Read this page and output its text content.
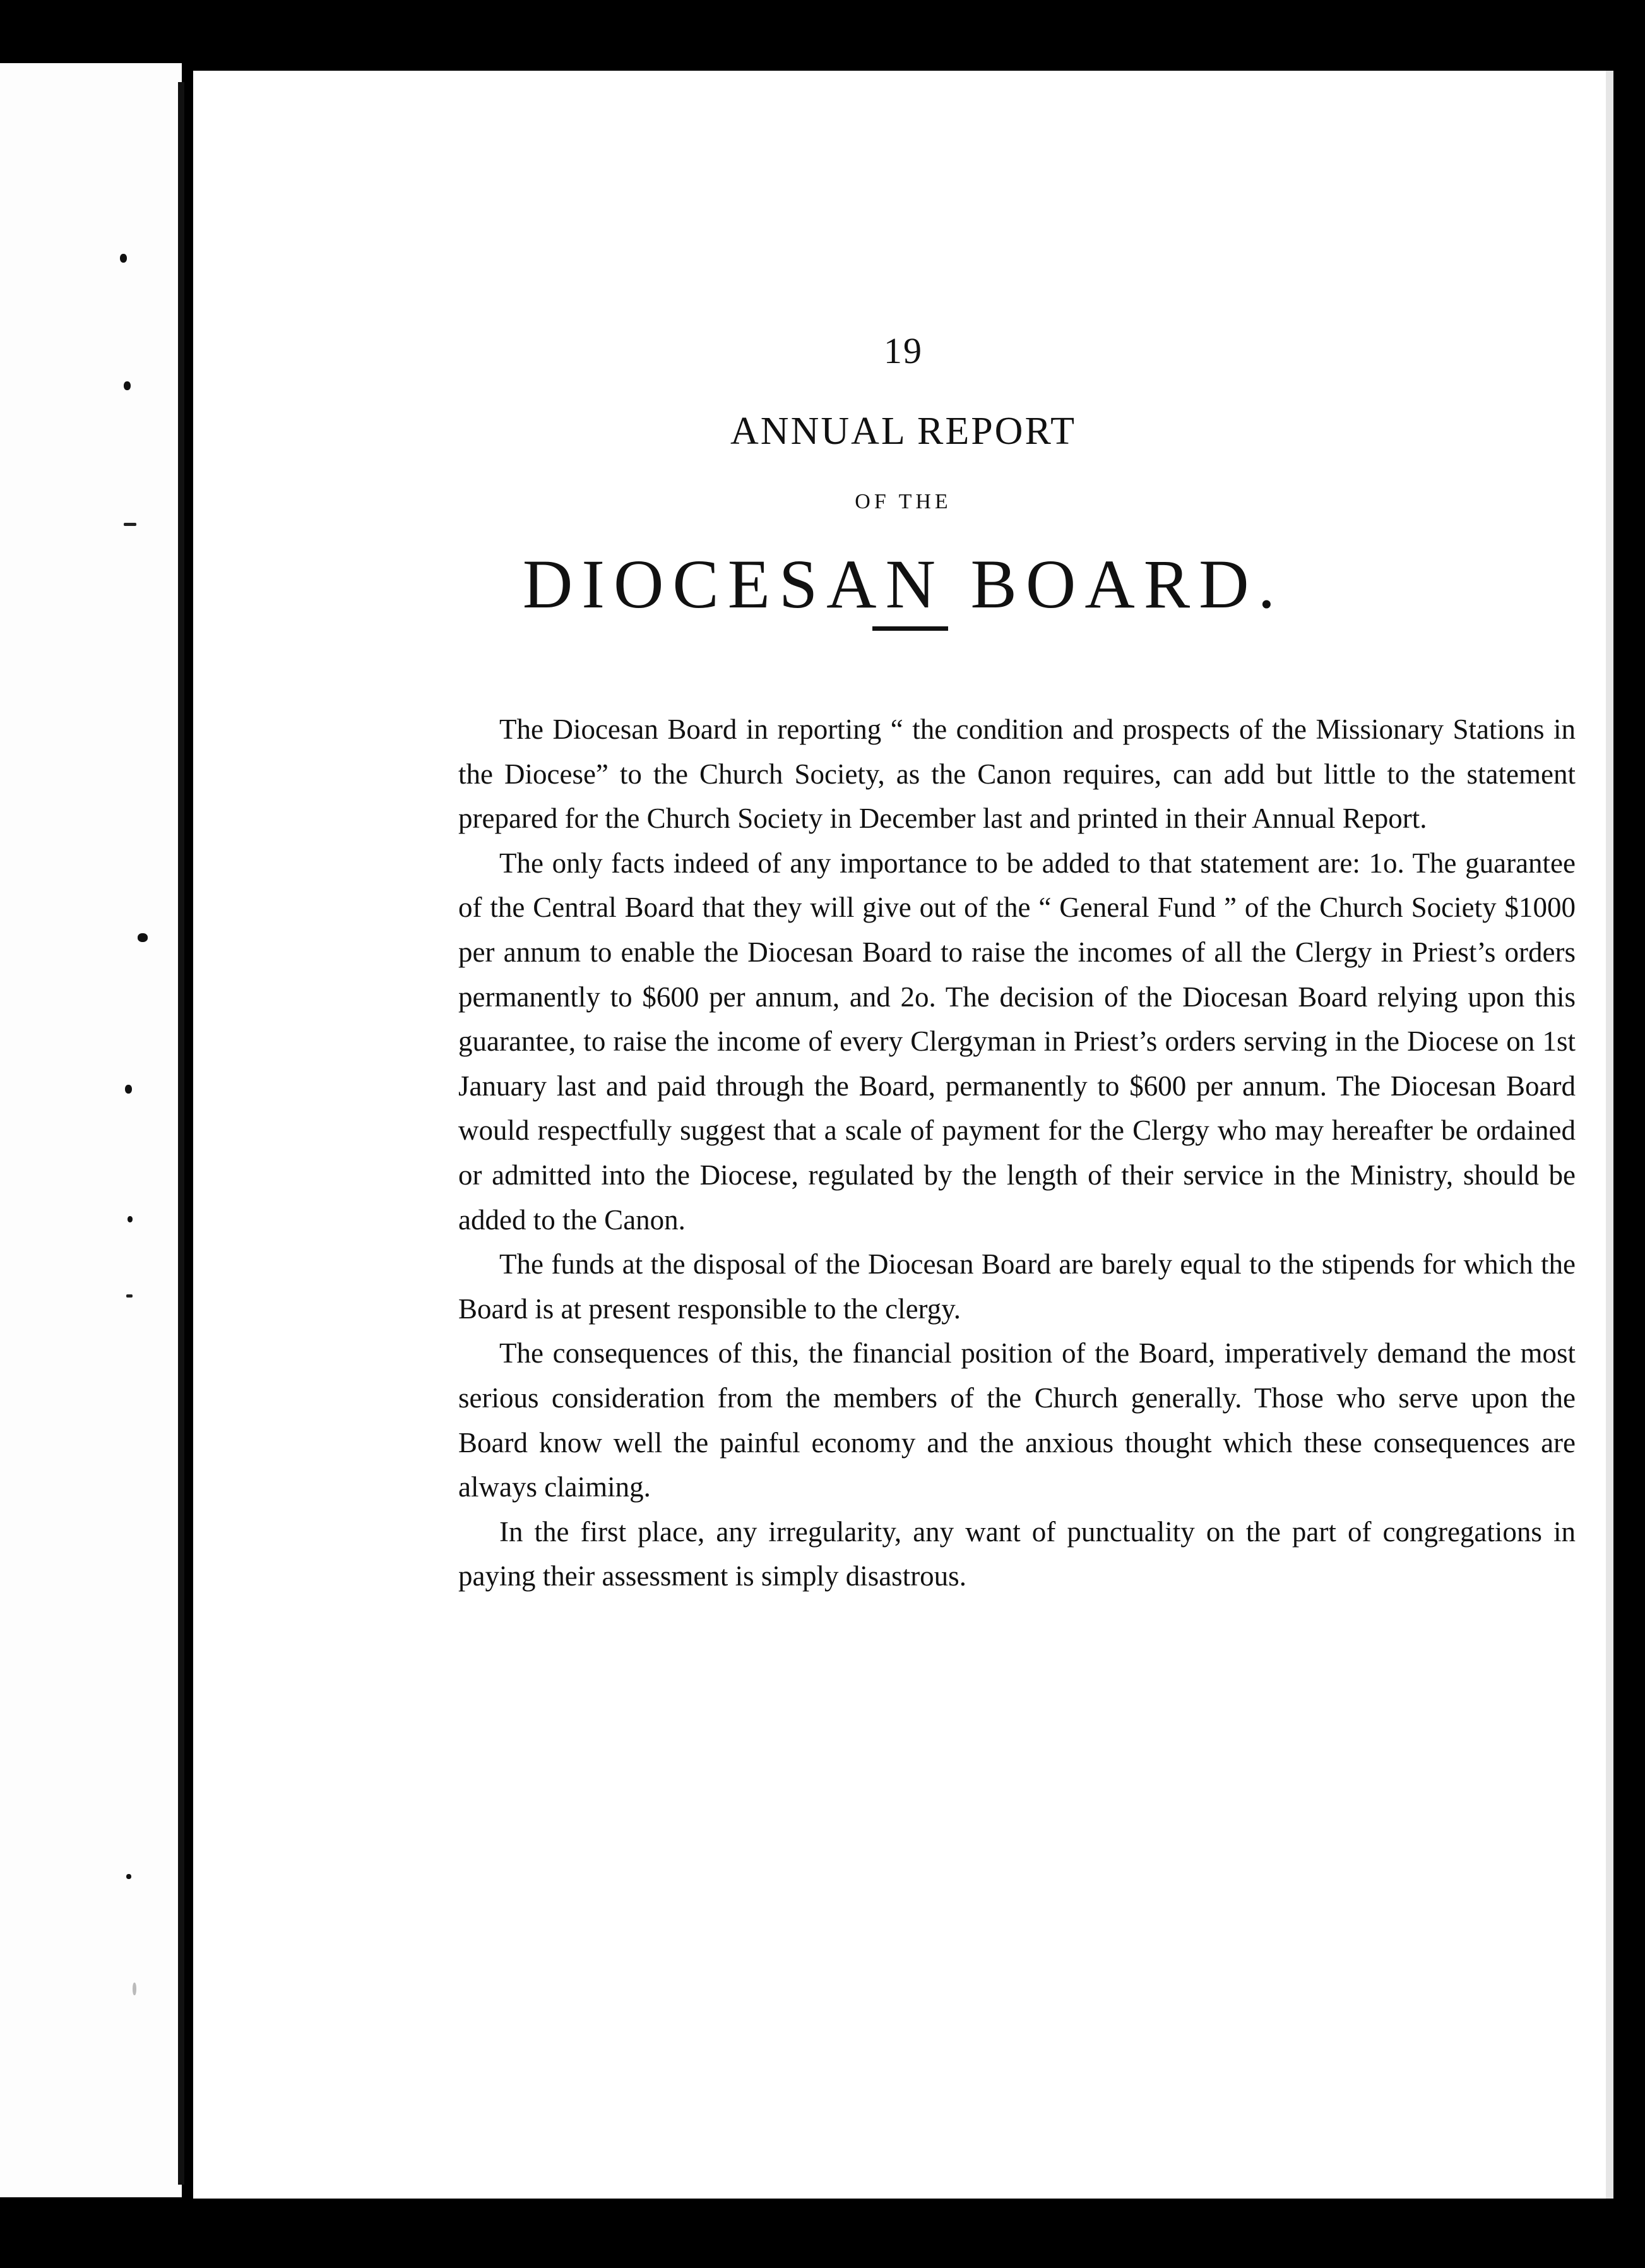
19
ANNUAL REPORT
OF THE
DIOCESAN BOARD.

The Diocesan Board in reporting “ the condition and prospects of the Missionary Stations in the Diocese” to the Church Society, as the Canon requires, can add but little to the statement prepared for the Church Society in December last and printed in their Annual Report.

The only facts indeed of any importance to be added to that statement are: 1o. The guarantee of the Central Board that they will give out of the “ General Fund ” of the Church Society $1000 per annum to enable the Diocesan Board to raise the incomes of all the Clergy in Priest’s orders permanently to $600 per annum, and 2o. The decision of the Diocesan Board relying upon this guarantee, to raise the income of every Clergyman in Priest’s orders serving in the Diocese on 1st January last and paid through the Board, permanently to $600 per annum. The Diocesan Board would respectfully suggest that a scale of payment for the Clergy who may hereafter be ordained or admitted into the Diocese, regulated by the length of their service in the Ministry, should be added to the Canon.

The funds at the disposal of the Diocesan Board are barely equal to the stipends for which the Board is at present responsible to the clergy.

The consequences of this, the financial position of the Board, imperatively demand the most serious consideration from the members of the Church generally. Those who serve upon the Board know well the painful economy and the anxious thought which these consequences are always claiming.

In the first place, any irregularity, any want of punctuality on the part of congregations in paying their assessment is simply disastrous.
